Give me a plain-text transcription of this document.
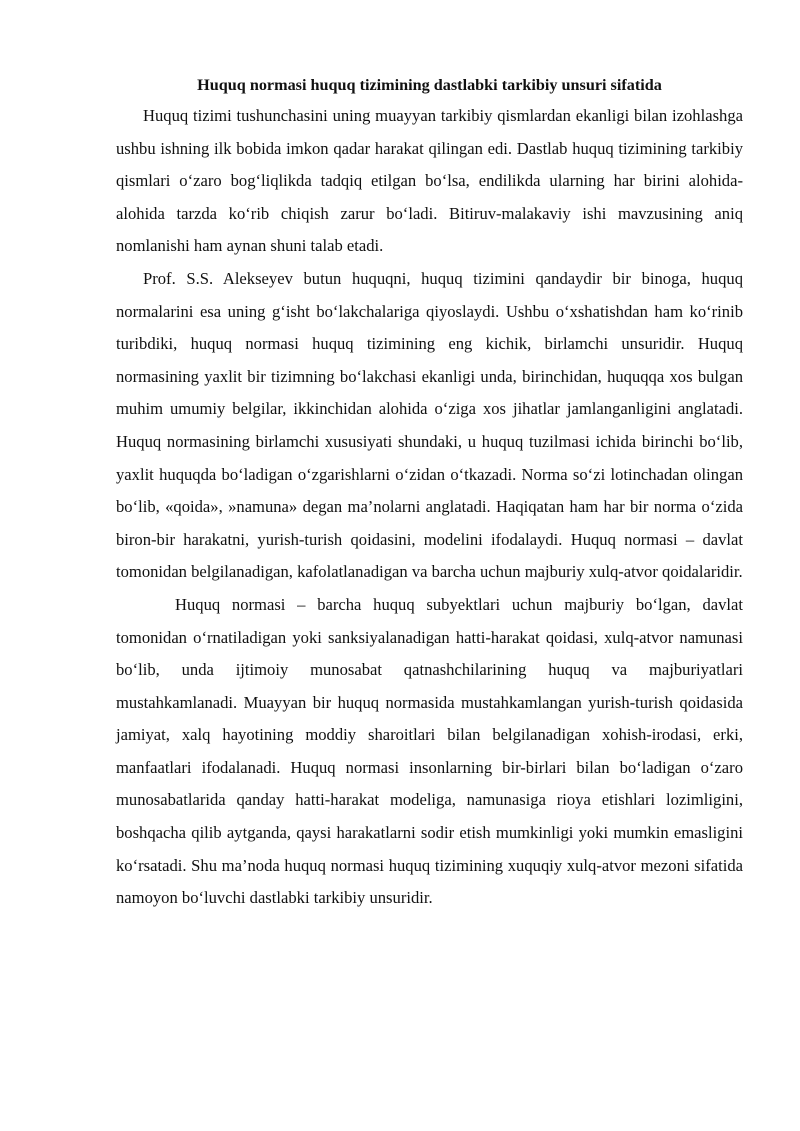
Huquq normasi huquq tizimining dastlabki tarkibiy unsuri sifatida

Huquq tizimi tushunchasini uning muayyan tarkibiy qismlardan ekanligi bilan izohlashga ushbu ishning ilk bobida imkon qadar harakat qilingan edi. Dastlab huquq tizimining tarkibiy qismlari o‘zaro bog‘liqlikda tadqiq etilgan bo‘lsa, endilikda ularning har birini alohida-alohida tarzda ko‘rib chiqish zarur bo‘ladi. Bitiruv-malakaviy ishi mavzusining aniq nomlanishi ham aynan shuni talab etadi.

Prof. S.S. Alekseyev butun huquqni, huquq tizimini qandaydir bir binoga, huquq normalarini esa uning g‘isht bo‘lakchalariga qiyoslaydi. Ushbu o‘xshatishdan ham ko‘rinib turibdiki, huquq normasi huquq tizimining eng kichik, birlamchi unsuridir. Huquq normasining yaxlit bir tizimning bo‘lakchasi ekanligi unda, birinchidan, huquqqa xos bulgan muhim umumiy belgilar, ikkinchidan alohida o‘ziga xos jihatlar jamlanganligini anglatadi. Huquq normasining birlamchi xususiyati shundaki, u huquq tuzilmasi ichida birinchi bo‘lib, yaxlit huquqda bo‘ladigan o‘zgarishlarni o‘zidan o‘tkazadi. Norma so‘zi lotinchadan olingan bo‘lib, «qoida», »namuna» degan ma’nolarni anglatadi. Haqiqatan ham har bir norma o‘zida biron-bir harakatni, yurish-turish qoidasini, modelini ifodalaydi. Huquq normasi – davlat tomonidan belgilanadigan, kafolatlanadigan va barcha uchun majburiy xulq-atvor qoidalaridir.

Huquq normasi – barcha huquq subyektlari uchun majburiy bo‘lgan, davlat tomonidan o‘rnatiladigan yoki sanksiyalanadigan hatti-harakat qoidasi, xulq-atvor namunasi bo‘lib, unda ijtimoiy munosabat qatnashchilarining huquq va majburiyatlari mustahkamlanadi. Muayyan bir huquq normasida mustahkamlangan yurish-turish qoidasida jamiyat, xalq hayotining moddiy sharoitlari bilan belgilanadigan xohish-irodasi, erki, manfaatlari ifodalanadi. Huquq normasi insonlarning bir-birlari bilan bo‘ladigan o‘zaro munosabatlarida qanday hatti-harakat modeliga, namunasiga rioya etishlari lozimligini, boshqacha qilib aytganda, qaysi harakatlarni sodir etish mumkinligi yoki mumkin emasligini ko‘rsatadi. Shu ma’noda huquq normasi huquq tizimining xuquqiy xulq-atvor mezoni sifatida namoyon bo‘luvchi dastlabki tarkibiy unsuridir.
